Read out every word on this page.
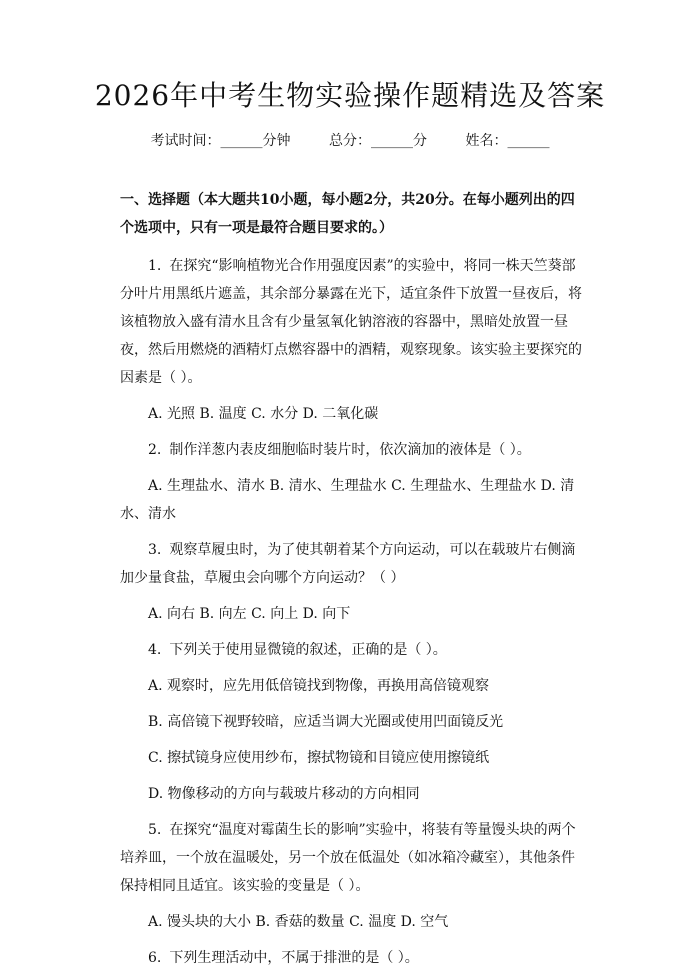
2026年中考生物实验操作题精选及答案
考试时间：______分钟	总分：______分	姓名：______

一、选择题（本大题共10小题，每小题2分，共20分。在每小题列出的四个选项中，只有一项是最符合题目要求的。）

1. 在探究“影响植物光合作用强度因素”的实验中，将同一株天竺葵部分叶片用黑纸片遮盖，其余部分暴露在光下，适宜条件下放置一昼夜后，将该植物放入盛有清水且含有少量氢氧化钠溶液的容器中，黑暗处放置一昼夜，然后用燃烧的酒精灯点燃容器中的酒精，观察现象。该实验主要探究的因素是（ ）。

A. 光照 B. 温度 C. 水分 D. 二氧化碳

2. 制作洋葱内表皮细胞临时装片时，依次滴加的液体是（ ）。

A. 生理盐水、清水 B. 清水、生理盐水 C. 生理盐水、生理盐水 D. 清水、清水

3. 观察草履虫时，为了使其朝着某个方向运动，可以在载玻片右侧滴加少量食盐，草履虫会向哪个方向运动？（ ）

A. 向右 B. 向左 C. 向上 D. 向下

4. 下列关于使用显微镜的叙述，正确的是（ ）。

A. 观察时，应先用低倍镜找到物像，再换用高倍镜观察

B. 高倍镜下视野较暗，应适当调大光圈或使用凹面镜反光

C. 擦拭镜身应使用纱布，擦拭物镜和目镜应使用擦镜纸

D. 物像移动的方向与载玻片移动的方向相同

5. 在探究“温度对霉菌生长的影响”实验中，将装有等量馒头块的两个培养皿，一个放在温暖处，另一个放在低温处（如冰箱冷藏室），其他条件保持相同且适宜。该实验的变量是（ ）。

A. 馒头块的大小 B. 香菇的数量 C. 温度 D. 空气

6. 下列生理活动中，不属于排泄的是（ ）。
